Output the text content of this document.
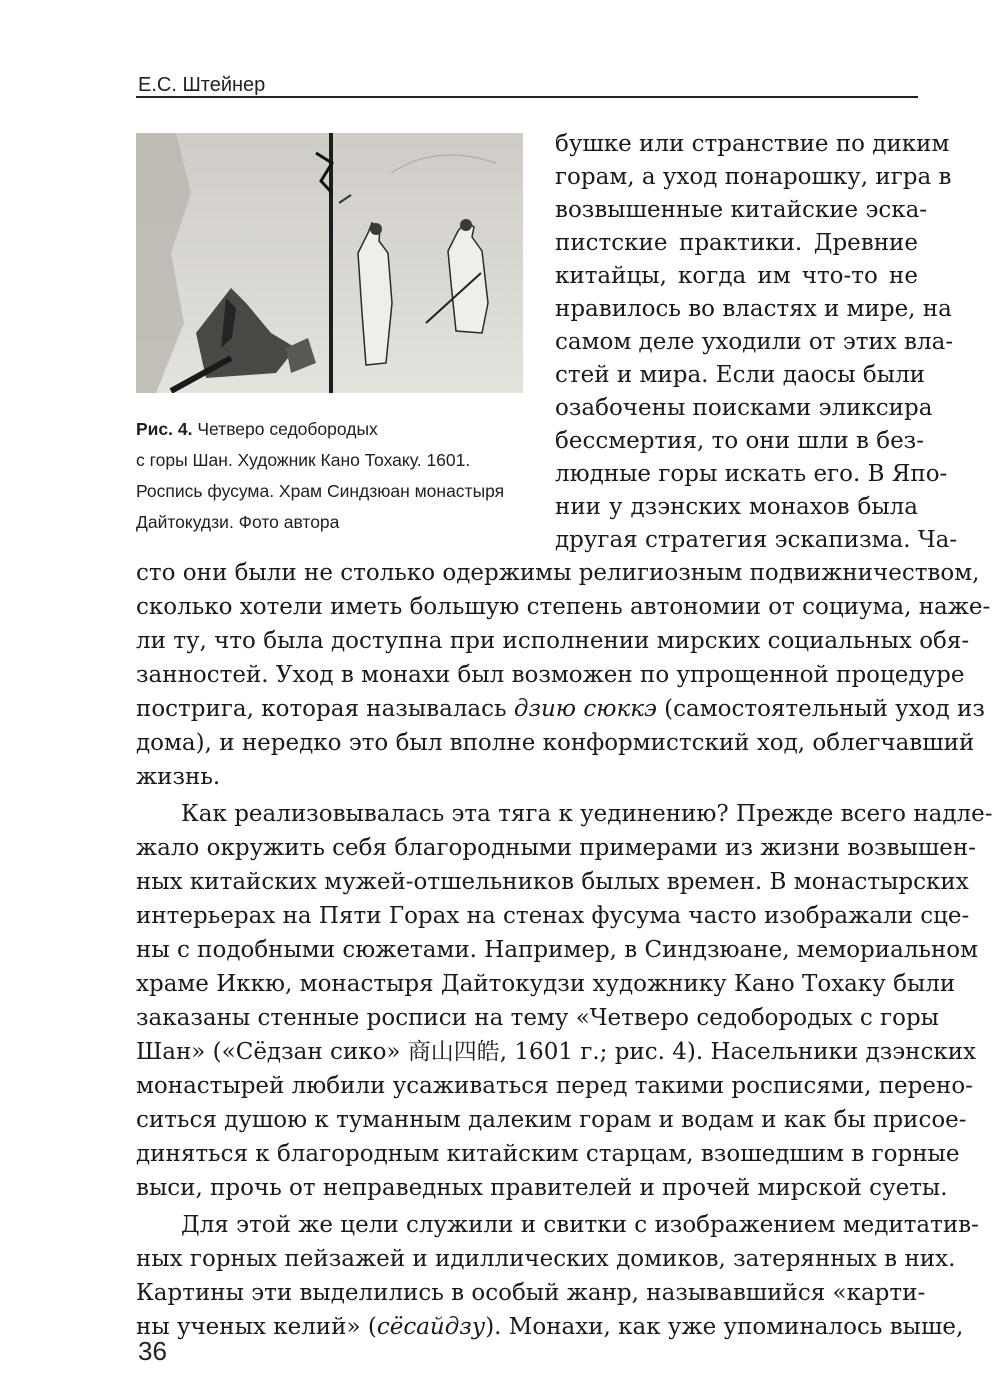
Е.С. Штейнер
Рис. 4. Четверо седобородых
с горы Шан. Художник Кано Тохаку. 1601.
Роспись фусума. Храм Синдзюан монастыря
Дайтокудзи. Фото автора
бушке или странствие по диким
горам, а уход понарошку, игра в
возвышенные китайские эска-
пистские практики. Древние
китайцы, когда им что-то не
нравилось во властях и мире, на
самом деле уходили от этих вла-
стей и мира. Если даосы были
озабочены поисками эликсира
бессмертия, то они шли в без-
людные горы искать его. В Япо-
нии у дзэнских монахов была
другая стратегия эскапизма. Ча-
сто они были не столько одержимы религиозным подвижничеством,
сколько хотели иметь большую степень автономии от социума, наже-
ли ту, что была доступна при исполнении мирских социальных обя-
занностей. Уход в монахи был возможен по упрощенной процедуре
пострига, которая называлась дзию сюккэ (самостоятельный уход из
дома), и нередко это был вполне конформистский ход, облегчавший
жизнь.
Как реализовывалась эта тяга к уединению? Прежде всего надле-
жало окружить себя благородными примерами из жизни возвышен-
ных китайских мужей-отшельников былых времен. В монастырских
интерьерах на Пяти Горах на стенах фусума часто изображали сце-
ны с подобными сюжетами. Например, в Синдзюане, мемориальном
храме Иккю, монастыря Дайтокудзи художнику Кано Тохаку были
заказаны стенные росписи на тему «Четверо седобородых с горы
Шан» («Сёдзан сико» 商山四皓, 1601 г.; рис. 4). Насельники дзэнских
монастырей любили усаживаться перед такими росписями, перено-
ситься душою к туманным далеким горам и водам и как бы присое-
диняться к благородным китайским старцам, взошедшим в горные
выси, прочь от неправедных правителей и прочей мирской суеты.
Для этой же цели служили и свитки с изображением медитатив-
ных горных пейзажей и идиллических домиков, затерянных в них.
Картины эти выделились в особый жанр, называвшийся «карти-
ны ученых келий» (сёсайдзу). Монахи, как уже упоминалось выше,
36
